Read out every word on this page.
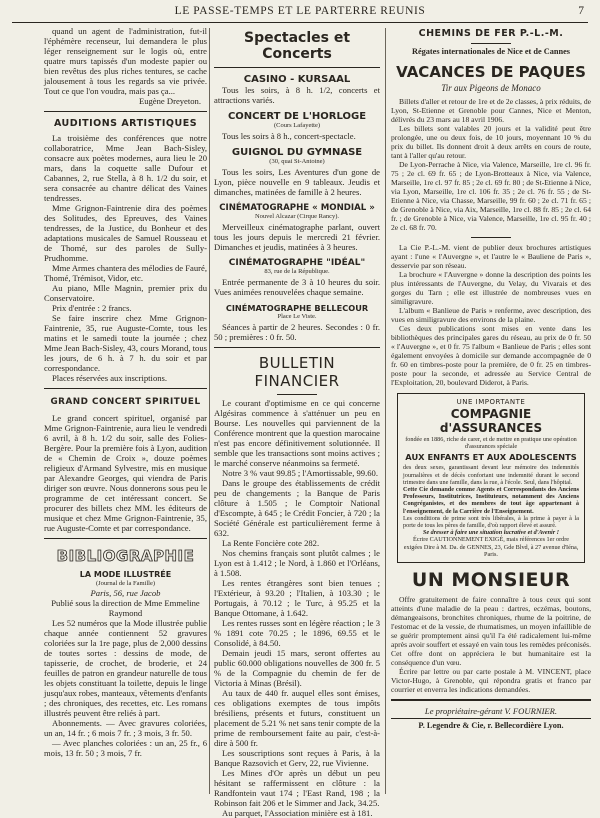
LE PASSE-TEMPS ET LE PARTERRE REUNIS	7

quand un agent de l'administration, fut-il l'éphémère recenseur, lui demandera le plus léger renseignement sur le logis où, entre quatre murs tapissés d'un modeste papier ou bien revêtus des plus riches tentures, se cache jalousement à tous les regards sa vie privée. Tout ce que l'on voudra, mais pas ça...

Eugène Dreyeton.

AUDITIONS ARTISTIQUES

La troisième des conférences que notre collaboratrice, Mme Jean Bach-Sisley, consacre aux poètes modernes, aura lieu le 20 mars, dans la coquette salle Dufour et Cabannes, 2, rue Stella, à 8 h. 1/2 du soir, et sera consacrée au chantre délicat des Vaines tendresses.

Mme Grignon-Faintrenie dira des poèmes des Solitudes, des Epreuves, des Vaines tendresses, de la Justice, du Bonheur et des adaptations musicales de Samuel Rousseau et de Thomé, sur des paroles de Sully-Prudhomme.

Mme Armes chantera des mélodies de Fauré, Thomé, Trémisot, Vidor, etc.

Au piano, Mlle Magnin, premier prix du Conservatoire.

Prix d'entrée : 2 francs.

Se faire inscrire chez Mme Grignon-Faintrenie, 35, rue Auguste-Comte, tous les matins et le samedi toute la journée ; chez Mme Jean Bach-Sisley, 43, cours Morand, tous les jours, de 6 h. à 7 h. du soir et par correspondance.

Places réservées aux inscriptions.

GRAND CONCERT SPIRITUEL

Le grand concert spirituel, organisé par Mme Grignon-Faintrenie, aura lieu le vendredi 6 avril, à 8 h. 1/2 du soir, salle des Folies-Bergère. Pour la première fois à Lyon, audition de « Chemin de Croix », douze poèmes religieux d'Armand Sylvestre, mis en musique par Alexandre Georges, qui viendra de Paris diriger son œuvre. Nous donnerons sous peu le programme de cet intéressant concert. Se procurer des billets chez MM. les éditeurs de musique et chez Mme Grignon-Faintrenie, 35, rue Auguste-Comte et par correspondance.

BIBLIOGRAPHIE

LA MODE ILLUSTRÉE

(Journal de la Famille)

Paris, 56, rue Jacob

Publié sous la direction de Mme Emmeline Raymond

Les 52 numéros que la Mode illustrée publie chaque année contiennent 52 gravures coloriées sur la 1re page, plus de 2,000 dessins de toutes sortes : dessins de mode, de tapisserie, de crochet, de broderie, et 24 feuilles de patron en grandeur naturelle de tous les objets constituant la toilette, depuis le linge jusqu'aux robes, manteaux, vêtements d'enfants ; des chroniques, des recettes, etc. Les romans illustrés peuvent être reliés à part.

Abonnements. — Avec gravures coloriées, un an, 14 fr. ; 6 mois 7 fr. ; 3 mois, 3 fr. 50.

— Avec planches coloriées : un an, 25 fr., 6 mois, 13 fr. 50 ; 3 mois, 7 fr.

Spectacles et Concerts
CASINO - KURSAAL

Tous les soirs, à 8 h. 1/2, concerts et attractions variés.

CONCERT DE L'HORLOGE
(Cours Lafayette)

Tous les soirs à 8 h., concert-spectacle.

GUIGNOL DU GYMNASE
(30, quai St-Antoine)

Tous les soirs, Les Aventures d'un gone de Lyon, pièce nouvelle en 9 tableaux. Jeudis et dimanches, matinées de famille à 2 heures.

CINÉMATOGRAPHE « MONDIAL »
Nouvel Alcazar (Cirque Rancy).

Merveilleux cinématographe parlant, ouvert tous les jours depuis le mercredi 21 février. Dimanches et jeudis, matinées à 3 heures.

CINÉMATOGRAPHE "IDÉAL"
83, rue de la République.

Entrée permanente de 3 à 10 heures du soir. Vues animées renouvelées chaque semaine.

CINÉMATOGRAPHE BELLECOUR
Place Le Viste.

Séances à partir de 2 heures. Secondes : 0 fr. 50 ; premières : 0 fr. 50.

BULLETIN FINANCIER

Le courant d'optimisme en ce qui concerne Algésiras commence à s'atténuer un peu en Bourse. Les nouvelles qui parviennent de la Conférence montrent que la question marocaine n'est pas encore définitivement solutionnée. Il semble que les transactions sont moins actives ; le marché conserve néanmoins sa fermeté.

Notre 3 % vaut 99.85 ; l'Amortissable, 99.60.

Dans le groupe des établissements de crédit peu de changements ; la Banque de Paris clôture à 1.505 ; le Comptoir National d'Escompte, à 645 ; le Crédit Foncier, à 720 ; la Société Générale est particulièrement ferme à 632.

La Rente Foncière cote 282.

Nos chemins français sont plutôt calmes ; le Lyon est à 1.412 ; le Nord, à 1.860 et l'Orléans, à 1.508.

Les rentes étrangères sont bien tenues ; l'Extérieur, à 93.20 ; l'Italien, à 103.30 ; le Portugais, à 70.12 ; le Turc, à 95.25 et la Banque Ottomane, à 1.642.

Les rentes russes sont en légère réaction ; le 3 % 1891 cote 70.25 ; le 1896, 69.55 et le Consolidé, à 84.50.

Demain jeudi 15 mars, seront offertes au public 60.000 obligations nouvelles de 300 fr. 5 % de la Compagnie du chemin de fer de Victoria à Minas (Brésil).

Au taux de 440 fr. auquel elles sont émises, ces obligations exemptes de tous impôts brésiliens, présents et futurs, constituent un placement de 5.21 % net sans tenir compte de la prime de remboursement faite au pair, c'est-à-dire à 500 fr.

Les souscriptions sont reçues à Paris, à la Banque Razsovich et Gerv, 22, rue Vivienne.

Les Mines d'Or après un début un peu hésitant se raffermissent en clôture : la Randfontein vaut 174 ; l'East Rand, 198 ; la Robinson fait 206 et le Simmer and Jack, 34.25.

Au parquet, l'Association minière est à 181.

CHEMINS DE FER P.-L.-M.

Régates internationales de Nice et de Cannes

VACANCES DE PAQUES

Tir aux Pigeons de Monaco

Billets d'aller et retour de 1re et de 2e classes, à prix réduits, de Lyon, St-Etienne et Grenoble pour Cannes, Nice et Menton, délivrés du 23 mars au 18 avril 1906.

Les billets sont valables 20 jours et la validité peut être prolongée, une ou deux fois, de 10 jours, moyennant 10 % du prix du billet. Ils donnent droit à deux arrêts en cours de route, tant à l'aller qu'au retour.

De Lyon-Perrache à Nice, via Valence, Marseille, 1re cl. 96 fr. 75 ; 2e cl. 69 fr. 65 ; de Lyon-Brotteaux à Nice, via Valence, Marseille, 1re cl. 97 fr. 85 ; 2e cl. 69 fr. 80 ; de St-Etienne à Nice, via Lyon, Marseille, 1re cl. 106 fr. 35 ; 2e cl. 76 fr. 55 ; de St-Etienne à Nice, via Chasse, Marseille, 99 fr. 60 ; 2e cl. 71 fr. 65 ; de Grenoble à Nice, via Aix, Marseille, 1re cl. 88 fr. 85 ; 2e cl. 64 fr. ; de Grenoble à Nice, via Valence, Marseille, 1re cl. 95 fr. 40 ; 2e cl. 68 fr. 70.

La Cie P.-L.-M. vient de publier deux brochures artistiques ayant : l'une « l'Auvergne », et l'autre le « Bauliene de Paris », desservie par son réseau.

La brochure « l'Auvergne » donne la description des points les plus intéressants de l'Auvergne, du Velay, du Vivarais et des gorges du Tarn ; elle est illustrée de nombreuses vues en similigravure.

L'album « Banlieue de Paris » renferme, avec description, des vues en similigravure des environs de la plaine.

Ces deux publications sont mises en vente dans les bibliothèques des principales gares du réseau, au prix de 0 fr. 50 « l'Auvergne », et 0 fr. 75 l'album « Banlieue de Paris ; elles sont également envoyées à domicile sur demande accompagnée de 0 fr. 60 en timbres-poste pour la première, de 0 fr. 25 en timbres-poste pour la seconde, et adressée au Service Central de l'Exploitation, 20, boulevard Diderot, à Paris.

UNE IMPORTANTE
COMPAGNIE d'ASSURANCES

fondée en 1886, riche de carer, et de mettre en pratique une opération d'assurances spéciale

AUX ENFANTS ET AUX ADOLESCENTS

des deux sexes, garantissant devant leur mémoire des indemnités journalières et de décès confortant une indemnité durant le second trimestre dans une famille, dans la rue, à l'école. Seul, dans l'hôpital.

Cette Cie demande comme Agents et Correspondants des Anciens Professeurs, Institutrices, Instituteurs, notamment des Anciens Congréganistes, et des membres de tout âge appartenant à l'enseignement, de la Carrière de l'Enseignement.

Les conditions de prime sont très libérales, à la prime à payer à la porte de tous les pères de famille, d'où rapport élevé et assuré.

Se dresser à faire une situation lucrative et d'Avenir !

Écrire CAUTIONNEMENT EXIGÉ, mais références 1er ordre exigées Dire à M. Da. de GENNES, 23, Gde Blvd, à 27 avenue d'Iéna, Paris.

UN MONSIEUR

Offre gratuitement de faire connaître à tous ceux qui sont atteints d'une maladie de la peau : dartres, eczémas, boutons, démangeaisons, bronchites chroniques, rhume de la poitrine, de l'estomac et de la vessie, de rhumatismes, un moyen infaillible de se guérir promptement ainsi qu'il l'a été radicalement lui-même après avoir souffert et essayé en vain tous les remèdes préconisés. Cet offre dont on appréciera le but humanitaire est la conséquence d'un vœu.

Écrire par lettre ou par carte postale à M. VINCENT, place Victor-Hugo, à Grenoble, qui répondra gratis et franco par courrier et enverra les indications demandées.

Le propriétaire-gérant V. FOURNIER.

P. Legendre & Cie, r. Bellecordière Lyon.
